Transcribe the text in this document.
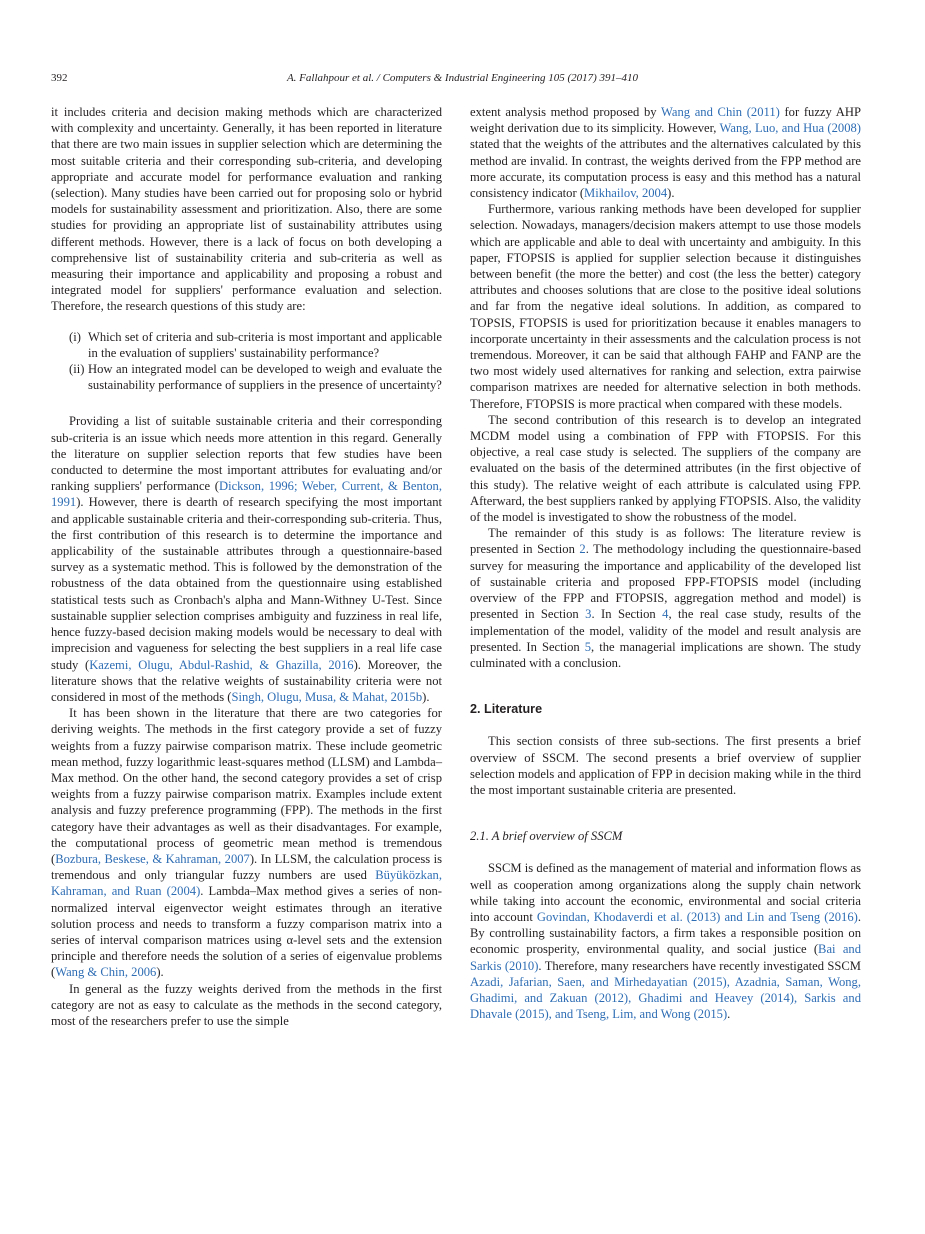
392	A. Fallahpour et al. / Computers & Industrial Engineering 105 (2017) 391–410

it includes criteria and decision making methods which are characterized with complexity and uncertainty. Generally, it has been reported in literature that there are two main issues in supplier selection which are determining the most suitable criteria and their corresponding sub-criteria, and developing appropriate and accurate model for performance evaluation and ranking (selection). Many studies have been carried out for proposing solo or hybrid models for sustainability assessment and prioritization. Also, there are some studies for providing an appropriate list of sustainability attributes using different methods. However, there is a lack of focus on both developing a comprehensive list of sustainability criteria and sub-criteria as well as measuring their importance and applicability and proposing a robust and integrated model for suppliers' performance evaluation and selection. Therefore, the research questions of this study are:

(i) Which set of criteria and sub-criteria is most important and applicable in the evaluation of suppliers' sustainability performance?
(ii) How an integrated model can be developed to weigh and evaluate the sustainability performance of suppliers in the presence of uncertainty?

Providing a list of suitable sustainable criteria and their corresponding sub-criteria is an issue which needs more attention in this regard. Generally the literature on supplier selection reports that few studies have been conducted to determine the most important attributes for evaluating and/or ranking suppliers' performance (Dickson, 1996; Weber, Current, & Benton, 1991). However, there is dearth of research specifying the most important and applicable sustainable criteria and their-corresponding sub-criteria. Thus, the first contribution of this research is to determine the importance and applicability of the sustainable attributes through a questionnaire-based survey as a systematic method. This is followed by the demonstration of the robustness of the data obtained from the questionnaire using established statistical tests such as Cronbach's alpha and Mann-Withney U-Test. Since sustainable supplier selection comprises ambiguity and fuzziness in real life, hence fuzzy-based decision making models would be necessary to deal with imprecision and vagueness for selecting the best suppliers in a real life case study (Kazemi, Olugu, Abdul-Rashid, & Ghazilla, 2016). Moreover, the literature shows that the relative weights of sustainability criteria were not considered in most of the methods (Singh, Olugu, Musa, & Mahat, 2015b).

It has been shown in the literature that there are two categories for deriving weights. The methods in the first category provide a set of fuzzy weights from a fuzzy pairwise comparison matrix. These include geometric mean method, fuzzy logarithmic least-squares method (LLSM) and Lambda–Max method. On the other hand, the second category provides a set of crisp weights from a fuzzy pairwise comparison matrix. Examples include extent analysis and fuzzy preference programming (FPP). The methods in the first category have their advantages as well as their disadvantages. For example, the computational process of geometric mean method is tremendous (Bozbura, Beskese, & Kahraman, 2007). In LLSM, the calculation process is tremendous and only triangular fuzzy numbers are used Büyüközkan, Kahraman, and Ruan (2004). Lambda–Max method gives a series of non-normalized interval eigenvector weight estimates through an iterative solution process and needs to transform a fuzzy comparison matrix into a series of interval comparison matrices using α-level sets and the extension principle and therefore needs the solution of a series of eigenvalue problems (Wang & Chin, 2006).

In general as the fuzzy weights derived from the methods in the first category are not as easy to calculate as the methods in the second category, most of the researchers prefer to use the simple

extent analysis method proposed by Wang and Chin (2011) for fuzzy AHP weight derivation due to its simplicity. However, Wang, Luo, and Hua (2008) stated that the weights of the attributes and the alternatives calculated by this method are invalid. In contrast, the weights derived from the FPP method are more accurate, its computation process is easy and this method has a natural consistency indicator (Mikhailov, 2004).

Furthermore, various ranking methods have been developed for supplier selection. Nowadays, managers/decision makers attempt to use those models which are applicable and able to deal with uncertainty and ambiguity. In this paper, FTOPSIS is applied for supplier selection because it distinguishes between benefit (the more the better) and cost (the less the better) category attributes and chooses solutions that are close to the positive ideal solutions and far from the negative ideal solutions. In addition, as compared to TOPSIS, FTOPSIS is used for prioritization because it enables managers to incorporate uncertainty in their assessments and the calculation process is not tremendous. Moreover, it can be said that although FAHP and FANP are the two most widely used alternatives for ranking and selection, extra pairwise comparison matrixes are needed for alternative selection in both methods. Therefore, FTOPSIS is more practical when compared with these models.

The second contribution of this research is to develop an integrated MCDM model using a combination of FPP with FTOPSIS. For this objective, a real case study is selected. The suppliers of the company are evaluated on the basis of the determined attributes (in the first objective of this study). The relative weight of each attribute is calculated using FPP. Afterward, the best suppliers ranked by applying FTOPSIS. Also, the validity of the model is investigated to show the robustness of the model.

The remainder of this study is as follows: The literature review is presented in Section 2. The methodology including the questionnaire-based survey for measuring the importance and applicability of the developed list of sustainable criteria and proposed FPP-FTOPSIS model (including overview of the FPP and FTOPSIS, aggregation method and model) is presented in Section 3. In Section 4, the real case study, results of the implementation of the model, validity of the model and result analysis are presented. In Section 5, the managerial implications are shown. The study culminated with a conclusion.

2. Literature

This section consists of three sub-sections. The first presents a brief overview of SSCM. The second presents a brief overview of supplier selection models and application of FPP in decision making while in the third the most important sustainable criteria are presented.

2.1. A brief overview of SSCM

SSCM is defined as the management of material and information flows as well as cooperation among organizations along the supply chain network while taking into account the economic, environmental and social criteria into account Govindan, Khodaverdi et al. (2013) and Lin and Tseng (2016). By controlling sustainability factors, a firm takes a responsible position on economic prosperity, environmental quality, and social justice (Bai and Sarkis (2010). Therefore, many researchers have recently investigated SSCM Azadi, Jafarian, Saen, and Mirhedayatian (2015), Azadnia, Saman, Wong, Ghadimi, and Zakuan (2012), Ghadimi and Heavey (2014), Sarkis and Dhavale (2015), and Tseng, Lim, and Wong (2015).
